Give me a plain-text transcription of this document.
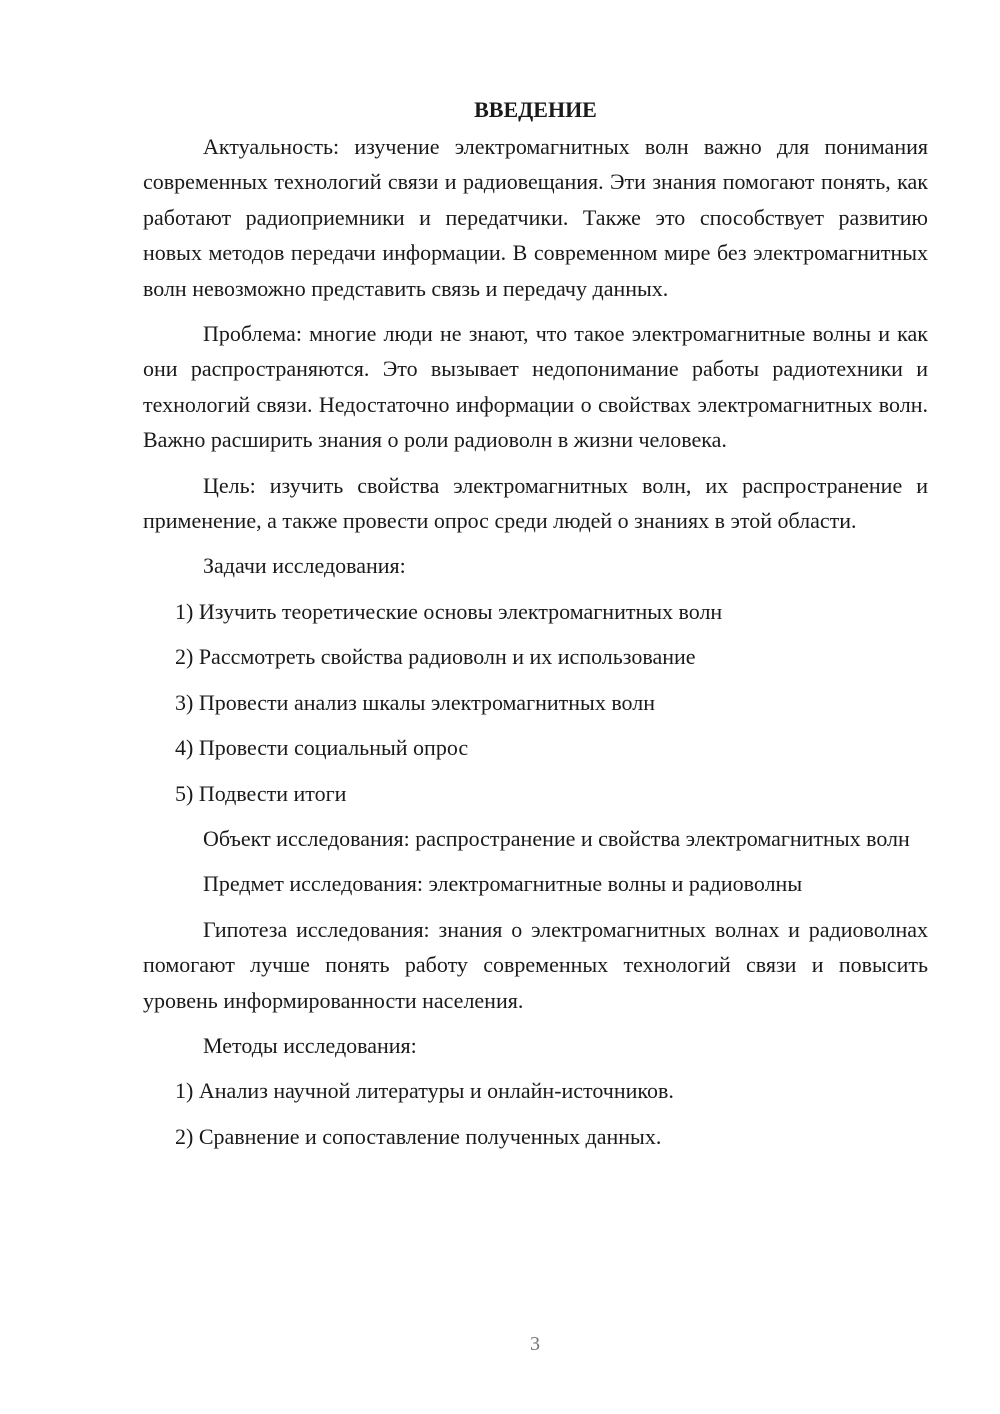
ВВЕДЕНИЕ

Актуальность: изучение электромагнитных волн важно для понимания современных технологий связи и радиовещания. Эти знания помогают понять, как работают радиоприемники и передатчики. Также это способствует развитию новых методов передачи информации. В современном мире без электромагнитных волн невозможно представить связь и передачу данных.

Проблема: многие люди не знают, что такое электромагнитные волны и как они распространяются. Это вызывает недопонимание работы радиотехники и технологий связи. Недостаточно информации о свойствах электромагнитных волн. Важно расширить знания о роли радиоволн в жизни человека.

Цель: изучить свойства электромагнитных волн, их распространение и применение, а также провести опрос среди людей о знаниях в этой области.

Задачи исследования:

1) Изучить теоретические основы электромагнитных волн
2) Рассмотреть свойства радиоволн и их использование
3) Провести анализ шкалы электромагнитных волн
4) Провести социальный опрос
5) Подвести итоги

Объект исследования: распространение и свойства электромагнитных волн

Предмет исследования: электромагнитные волны и радиоволны

Гипотеза исследования: знания о электромагнитных волнах и радиоволнах помогают лучше понять работу современных технологий связи и повысить уровень информированности населения.

Методы исследования:

1) Анализ научной литературы и онлайн-источников.
2) Сравнение и сопоставление полученных данных.
3
